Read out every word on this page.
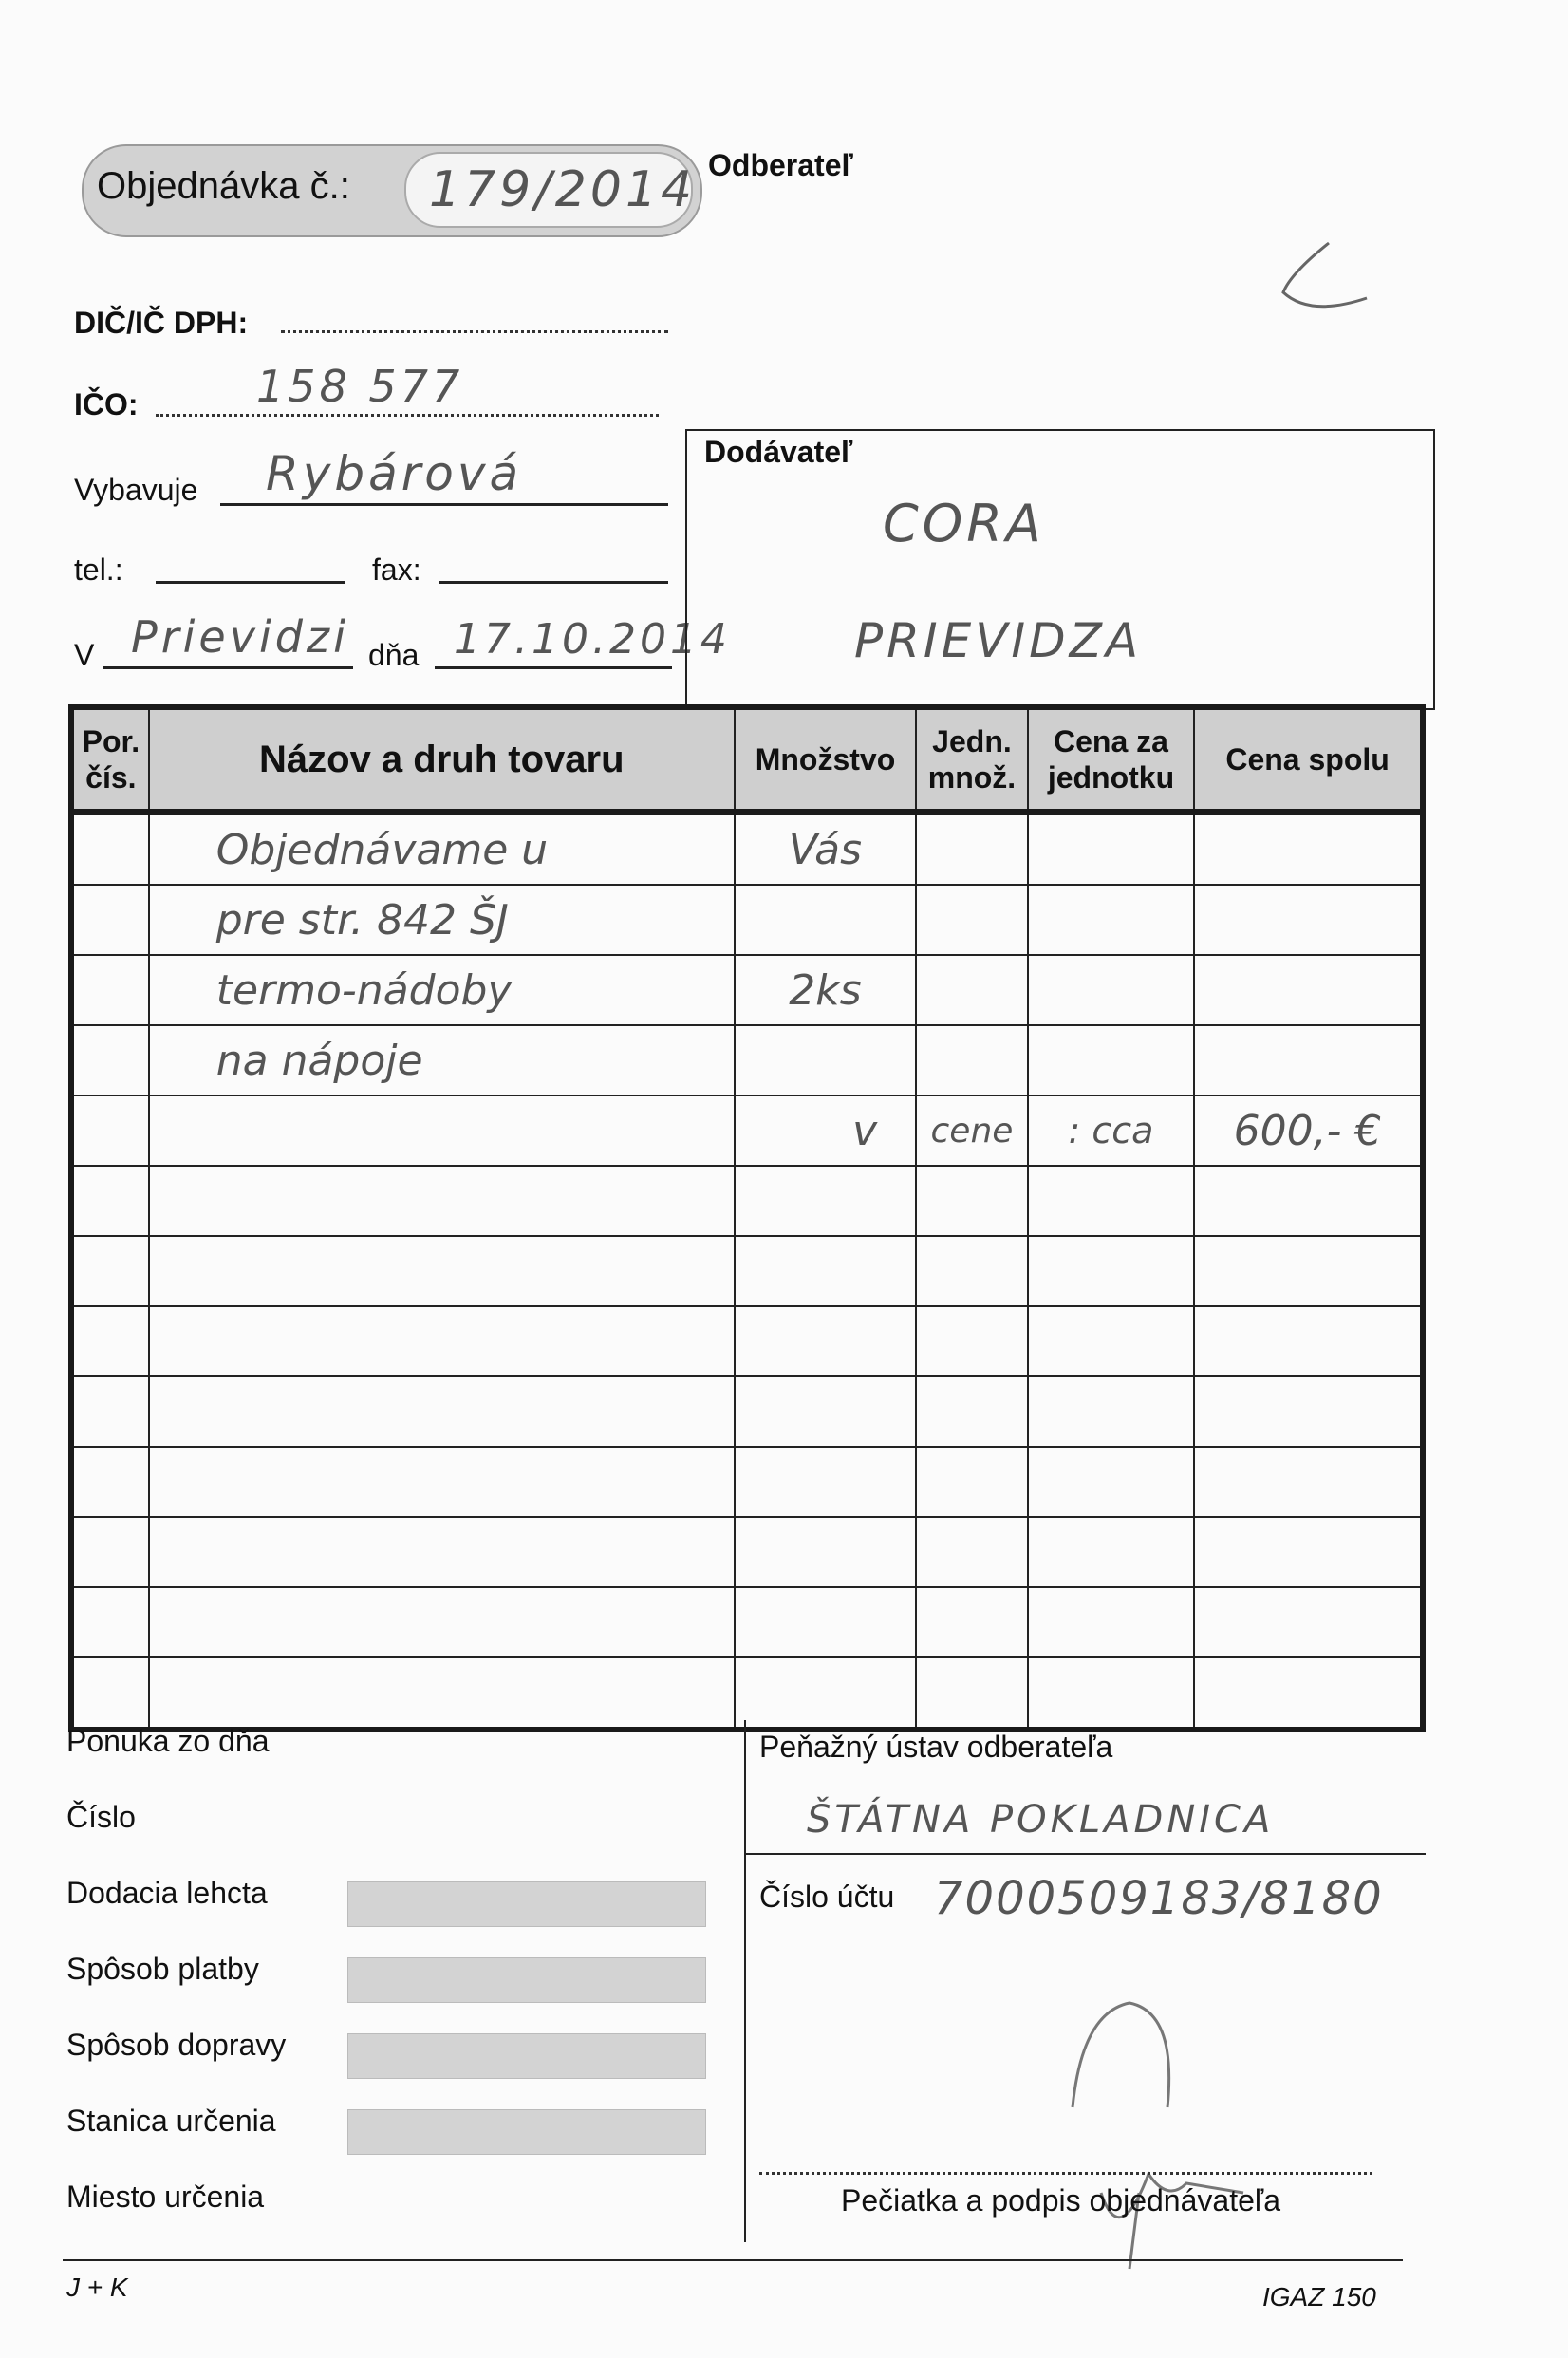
Objednávka č.: 179/2014 Odberateľ
DIČ/IČ DPH:
IČO:	158 577
Vybavuje Rybárová
tel.:	fax:
V Prievidzi dňa 17.10.2014
Dodávateľ
CORA
PRIEVIDZA
Por. čís.	Názov a druh tovaru	Množstvo	Jedn. množ.	Cena za jednotku	Cena spolu
	Objednávame u	Vás			
	pre str. 842 ŠJ				
	termo-nádoby	2ks			
	na nápoje				
		v	cene	: cca	600,- €

Ponuka zo dňa
Číslo
Dodacia lehcta
Spôsob platby
Spôsob dopravy
Stanica určenia
Miesto určenia
Peňažný ústav odberateľa
ŠTÁTNA POKLADNICA
Číslo účtu 7000509183/8180
Pečiatka a podpis objednávateľa
J + K	IGAZ 150
